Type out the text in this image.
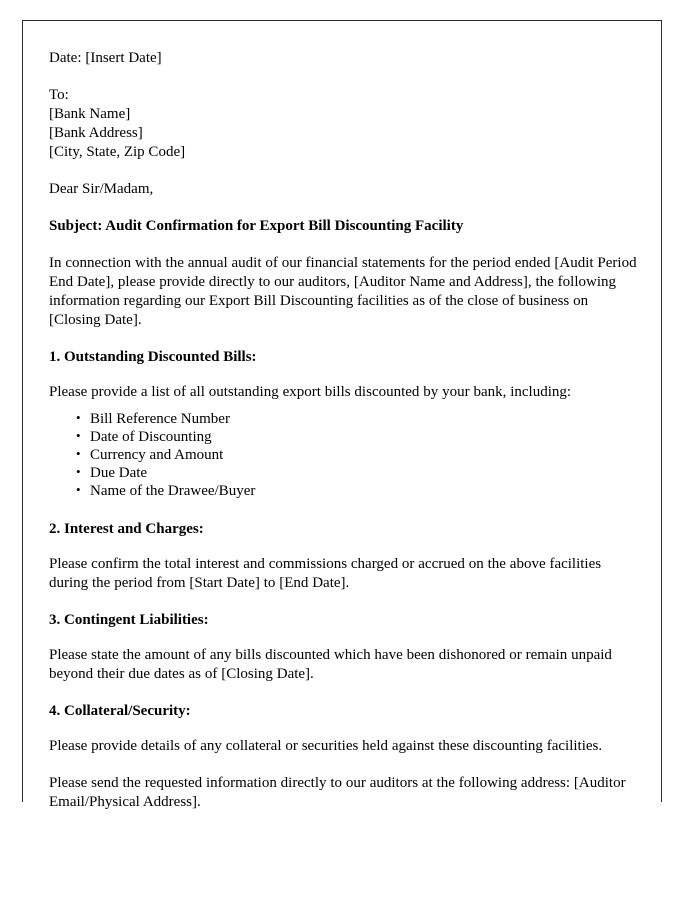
Date: [Insert Date]

To:
[Bank Name]
[Bank Address]
[City, State, Zip Code]

Dear Sir/Madam,

Subject: Audit Confirmation for Export Bill Discounting Facility

In connection with the annual audit of our financial statements for the period ended [Audit Period End Date], please provide directly to our auditors, [Auditor Name and Address], the following information regarding our Export Bill Discounting facilities as of the close of business on [Closing Date].

1. Outstanding Discounted Bills:

Please provide a list of all outstanding export bills discounted by your bank, including:

• Bill Reference Number
• Date of Discounting
• Currency and Amount
• Due Date
• Name of the Drawee/Buyer
2. Interest and Charges:

Please confirm the total interest and commissions charged or accrued on the above facilities during the period from [Start Date] to [End Date].

3. Contingent Liabilities:

Please state the amount of any bills discounted which have been dishonored or remain unpaid beyond their due dates as of [Closing Date].

4. Collateral/Security:

Please provide details of any collateral or securities held against these discounting facilities.

Please send the requested information directly to our auditors at the following address: [Auditor Email/Physical Address].
